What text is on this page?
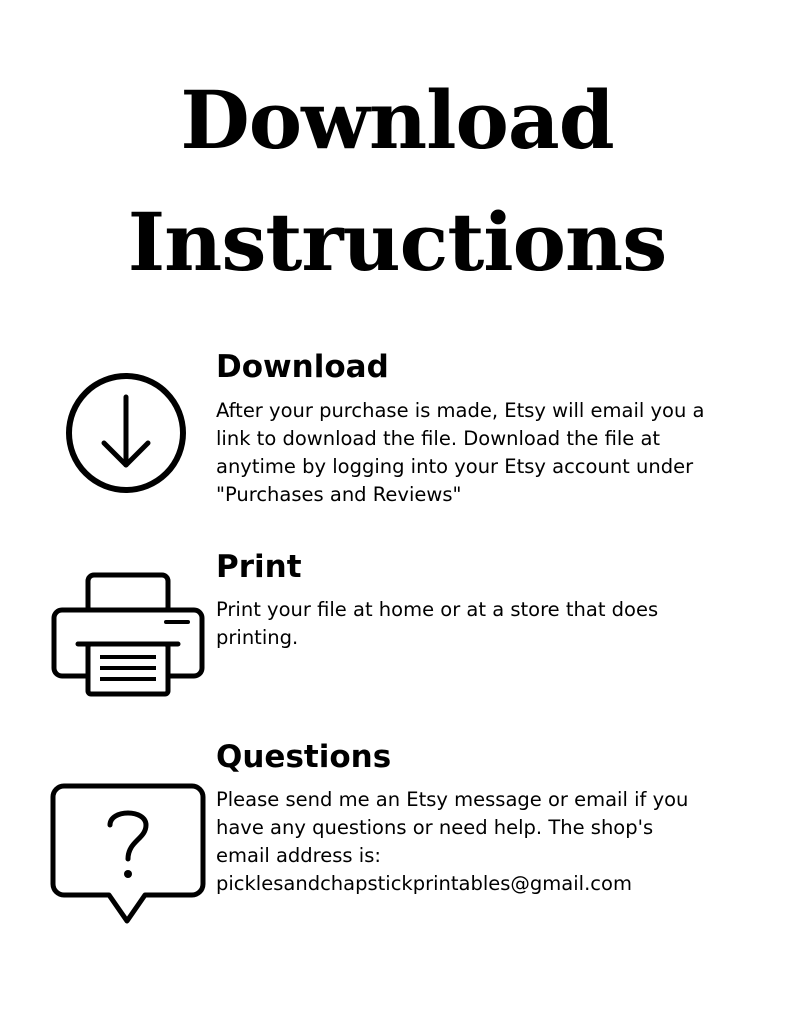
Download
Instructions
Download

After your purchase is made, Etsy will email you a
link to download the file. Download the file at
anytime by logging into your Etsy account under
"Purchases and Reviews"

Print

Print your file at home or at a store that does
printing.

Questions

Please send me an Etsy message or email if you
have any questions or need help. The shop's
email address is:
picklesandchapstickprintables@gmail.com
